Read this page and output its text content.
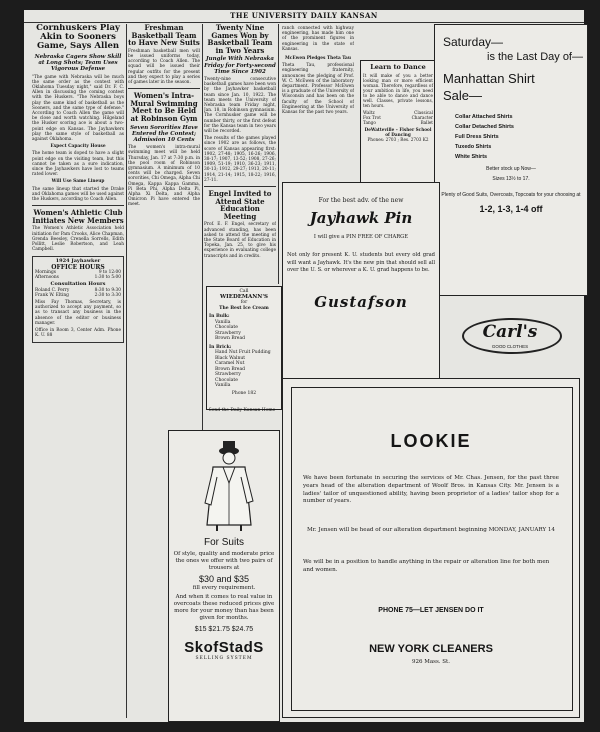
THE UNIVERSITY DAILY KANSAN
Cornhuskers Play Akin to Sooners Game, Says Allen
Nebraska Cagers Show Skill at Long Shots; Team Uses Vigorous Defense

"The game with Nebraska will be much the same order as the contest with Oklahoma Tuesday night," said Dr. F. C. Allen in discussing the coming contest with the Huskers. "The Nebraska boys play the same kind of basketball as the Sooners, and the same type of defense." According to Coach Allen the game will be close and worth watching. Hilgeland the Husker scoring ace is about a two-point edge on Kansas. The Jayhawkers play the same style of basketball as against Oklahoma.

Expect Capacity House

The home team is doped to have a slight point edge on the visiting team, but this cannot be taken as a sure indication, since the Jayhawkers have lost to teams rated lower.

Will Use Same Lineup

The same lineup that started the Drake and Oklahoma games will be used against the Huskers, according to Coach Allen.

Women's Athletic Club Initiates New Members

The Women's Athletic Association held initiation for Pam Crooks, Alice Chapman, Grenda Beesley, Crenella Sorrells, Edith Pollitt, Leslie Robertson, and Leah Campbell.

1924 Jayhawker
OFFICE HOURS
Mornings	9 to 12:00
Afternoons	1:30 to 5:00
Consultation Hours
Roland C. Perry	8:30 to 9:30
Frank W. Elting	2:30 to 3:30

Miss Fay Thomas, Secretary, is authorized to accept any payment, so as to transact any business in the absence of the editor or business manager.

Office in Room 3, Center Adm. Phone K. U. 88

Freshman Basketball Team to Have New Suits

Freshman basketball men will be issued uniforms today, according to Coach Allen. The squad will be issued their regular outfits for the present and they expect to play a series of games later in the season.

Women's Intra-Mural Swimming Meet to Be Held at Robinson Gym
Seven Sororities Have Entered the Contest; Admission 10 Cents

The women's intra-mural swimming meet will be held Thursday, Jan. 17 at 7:30 p.m. in the pool room of Robinson gymnasium. A minimum of 10 cents will be charged. Seven sororities, Chi Omega, Alpha Chi Omega, Kappa Kappa Gamma, Pi Beta Phi, Alpha Delta Pi, Alpha Xi Delta, and Alpha Omicron Pi have entered the meet.

Twenty Nine Games Won by Basketball Team in Two Years
Jungle With Nebraska Friday for Forty-second Time Since 1902

Twenty-nine consecutive basketball games have been won by the Jayhawker basketball team since Jan. 10, 1922. The team meets the University of Nebraska team Friday night, Jan. 18, in Robinson gymnasium. The Cornhusker game will be number thirty, or the first defeat for the Kansas team in two years will be recorded.

The results of the games played since 1902 are as follows, the score of Kansas appearing first: 1902, 27-48; 1905, 16-26; 1906, 38-17; 1907, 13-52; 1908, 27-26; 1909, 51-19; 1910, 36-23; 1911, 30-13; 1912, 29-27; 1913, 20-11; 1914, 21-14; 1915, 18-22; 1916, 27-11.

Engel Invited to Attend State Education Meeting

Prof. E. F. Engel, secretary of advanced standing, has been asked to attend the meeting of the State Board of Education in Topeka, Jan. 25, to give his experience in evaluating college transcripts and in credits.

ranch connected with highway engineering, has made him one of the prominent figures in engineering in the state of Kansas.

McEwen Pledges Theta Tau

Theta Tau, professional engineering fraternity, announces the pledging of Prof. W. C. McEwen of the laboratory department. Professor McEwen is a graduate of the University of Wisconsin and has been on the faculty of the School of Engineering at the University of Kansas for the past two years.

Learn to Dance

It will make of you a better looking man or more efficient woman. Therefore, regardless of your ambition in life, you need to be able to dance and dance well. Classes, private lessons, ten hours.

Waltz	Classical
Fox Trot	Character
Tango	Ballet
DeWatteville – Fisher School of Dancing
Phones: 2703 ; Res. 2703 K2
Saturday—
is the Last Day of—
Manhattan Shirt
Sale—
Collar Attached Shirts
Collar Detached Shirts
Full Dress Shirts
Tuxedo Shirts
White Shirts
Better stock up Now—
Sizes 13½ to 17.
Plenty of Good Suits, Overcoats, Topcoats for your choosing at
1-2, 1-3, 1-4 off
For the best adv. of the new
Jayhawk Pin
I will give a PIN FREE OF CHARGE

Not only for present K. U. students but every old grad will want a Jayhawk. It's the new pin that should sell all over the U. S. or wherever a K. U. grad happens to be.

Gustafson
Carl's
GOOD CLOTHES
Call
WIEDEMANN'S
for
The Best Ice Cream
In Bulk:
Vanilla
Chocolate
Strawberry
Brown Bread
In Brick:
Hand Nut Fruit Pudding
Black Walnut
Caramel Nut
Brown Bread
Strawberry
Chocolate
Vanilla
Phone 182
Send the Daily Kansan Home
For Suits
Of style, quality and moderate price the ones we offer with two pairs of trousers at
$30 and $35
fill every requirement.
And when it comes to real value in overcoats these reduced prices give more for your money than has been given for months.
$15 $21.75 $24.75
SkofStadS
SELLING SYSTEM
LOOKIE
We have been fortunate in securing the services of Mr. Chas. Jensen, for the past three years head of the alteration department of Woolf Bros. in Kansas City. Mr. Jensen is a ladies' tailor of unquestioned ability, having been proprietor of a ladies' tailor shop for a number of years.
Mr. Jensen will be head of our alteration department beginning MONDAY, JANUARY 14
We will be in a position to handle anything in the repair or alteration line for both men and women.
PHONE 75—LET JENSEN DO IT
NEW YORK CLEANERS
926 Mass. St.
